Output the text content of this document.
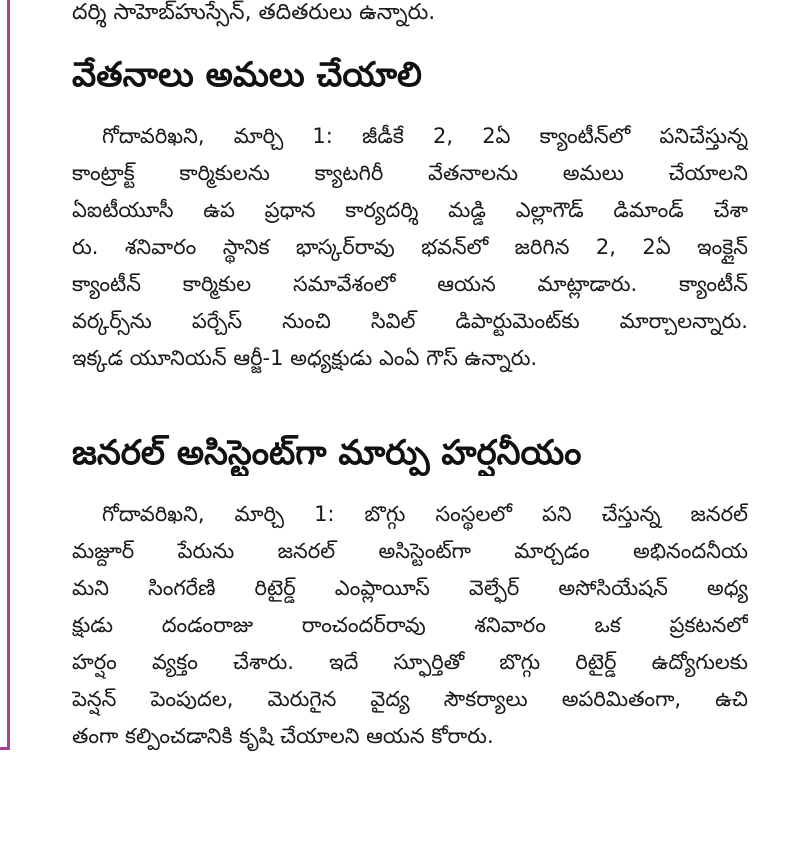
దర్శి సాహెబ్‌హుస్సేన్, తదితరులు ఉన్నారు.
వేతనాలు అమలు చేయాలి
గోదావరిఖని, మార్చి 1: జీడీకే 2, 2ఏ క్యాంటీన్‌లో పనిచేస్తున్న
కాంట్రాక్ట్ కార్మికులను క్యాటగిరీ వేతనాలను అమలు చేయాలని
ఏఐటీయూసీ ఉప ప్రధాన కార్యదర్శి మడ్డి ఎల్లాగౌడ్ డిమాండ్ చేశా
రు. శనివారం స్థానిక భాస్కర్‌రావు భవన్‌లో జరిగిన 2, 2ఏ ఇంక్లైన్
క్యాంటీన్ కార్మికుల సమావేశంలో ఆయన మాట్లాడారు. క్యాంటీన్
వర్కర్స్‌ను పర్చేస్ నుంచి సివిల్ డిపార్టుమెంట్‌కు మార్చాలన్నారు.
ఇక్కడ యూనియన్ ఆర్జీ-1 అధ్యక్షుడు ఎంఏ గౌస్ ఉన్నారు.
జనరల్ అసిస్టెంట్‌గా మార్పు హర్షనీయం
గోదావరిఖని, మార్చి 1: బొగ్గు సంస్థలలో పని చేస్తున్న జనరల్
మజ్దూర్ పేరును జనరల్ అసిస్టెంట్‌గా మార్చడం అభినందనీయ
మని సింగరేణి రిటైర్డ్ ఎంప్లాయీస్ వెల్ఫేర్ అసోసియేషన్ అధ్య
క్షుడు దండంరాజు రాంచందర్‌రావు శనివారం ఒక ప్రకటనలో
హర్షం వ్యక్తం చేశారు. ఇదే స్ఫూర్తితో బొగ్గు రిటైర్డ్ ఉద్యోగులకు
పెన్షన్ పెంపుదల, మెరుగైన వైద్య సౌకర్యాలు అపరిమితంగా, ఉచి
తంగా కల్పించడానికి కృషి చేయాలని ఆయన కోరారు.
